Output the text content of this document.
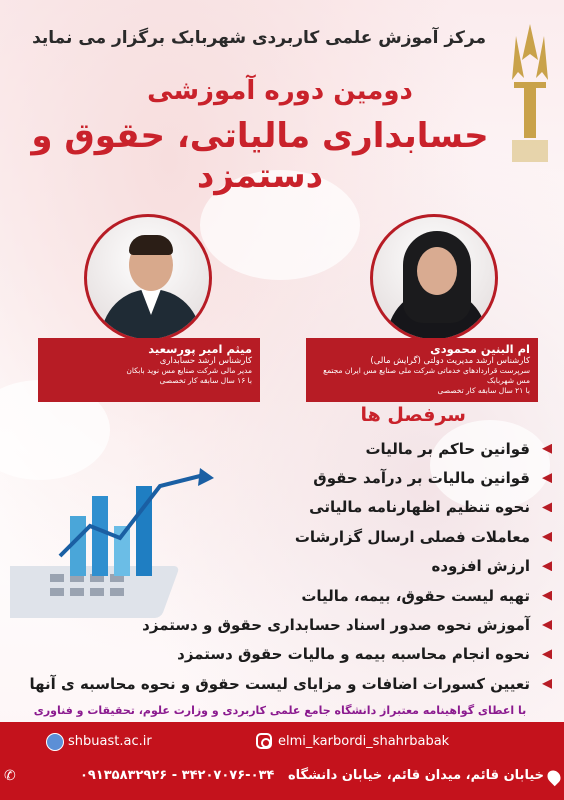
مرکز آموزش علمی کاربردی شهربابک برگزار می نماید
دومین دوره آموزشی
حسابداری مالیاتی، حقوق و دستمزد
میثم امیر پورسعید
کارشناس ارشد حسابداری
مدیر مالی شرکت صنایع مس نوید بابکان
با ۱۶ سال سابقه کار تخصصی
ام البنین محمودی
کارشناس ارشد مدیریت دولتی (گرایش مالی)
سرپرست قراردادهای خدماتی شرکت ملی صنایع مس ایران مجتمع مس شهربابک
با ۲۱ سال سابقه کار تخصصی
سرفصل ها
قوانین حاکم بر مالیات
قوانین مالیات بر درآمد حقوق
نحوه تنظیم اظهارنامه مالیاتی
معاملات فصلی ارسال گزارشات
ارزش افزوده
تهیه لیست حقوق، بیمه، مالیات
آموزش نحوه صدور اسناد حسابداری حقوق و دستمزد
نحوه انجام محاسبه بیمه و مالیات حقوق دستمزد
تعیین کسورات اضافات و مزایای لیست حقوق و نحوه محاسبه ی آنها
با اعطای گواهینامه معتبراز دانشگاه جامع علمی کاربردی و وزارت علوم، تحقیقات و فناوری
shbuast.ac.ir	elmi_karbordi_shahrbabak
خیابان قائم، میدان قائم، خیابان دانشگاه   ۰۳۴-۳۴۲۰۷۰۷۶ - ۰۹۱۳۵۸۳۲۹۲۶
✆
